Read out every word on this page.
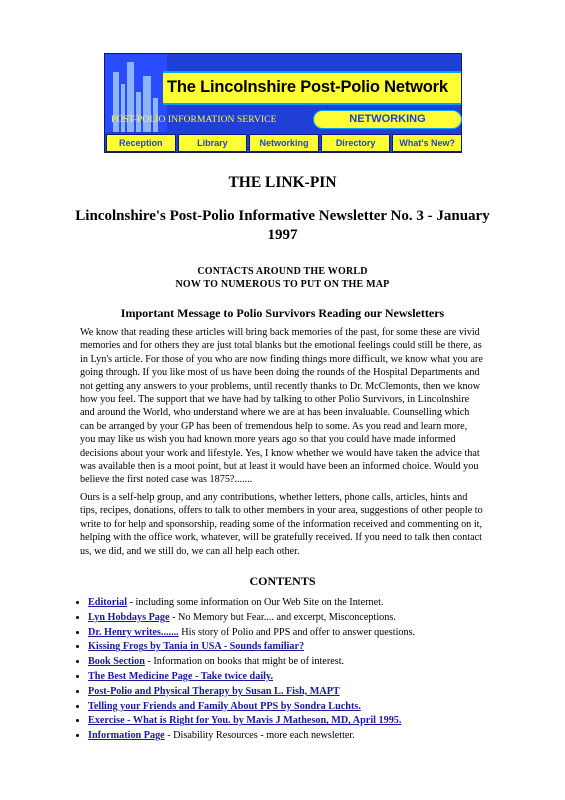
The Lincolnshire Post-Polio Network
POST-POLIO INFORMATION SERVICE	NETWORKING
Reception	Library	Networking	Directory	What's New?
THE LINK-PIN
Lincolnshire's Post-Polio Informative Newsletter No. 3 - January 1997
CONTACTS AROUND THE WORLD
NOW TO NUMEROUS TO PUT ON THE MAP
Important Message to Polio Survivors Reading our Newsletters

We know that reading these articles will bring back memories of the past, for some these are vivid memories and for others they are just total blanks but the emotional feelings could still be there, as in Lyn's article. For those of you who are now finding things more difficult, we know what you are going through. If you like most of us have been doing the rounds of the Hospital Departments and not getting any answers to your problems, until recently thanks to Dr. McClemonts, then we know how you feel. The support that we have had by talking to other Polio Survivors, in Lincolnshire and around the World, who understand where we are at has been invaluable. Counselling which can be arranged by your GP has been of tremendous help to some. As you read and learn more, you may like us wish you had known more years ago so that you could have made informed decisions about your work and lifestyle. Yes, I know whether we would have taken the advice that was available then is a moot point, but at least it would have been an informed choice. Would you believe the first noted case was 1875?.......

Ours is a self-help group, and any contributions, whether letters, phone calls, articles, hints and tips, recipes, donations, offers to talk to other members in your area, suggestions of other people to write to for help and sponsorship, reading some of the information received and commenting on it, helping with the office work, whatever, will be gratefully received. If you need to talk then contact us, we did, and we still do, we can all help each other.

CONTENTS
• Editorial - including some information on Our Web Site on the Internet.
• Lyn Hobdays Page - No Memory but Fear.... and excerpt, Misconceptions.
• Dr. Henry writes....... His story of Polio and PPS and offer to answer questions.
• Kissing Frogs by Tania in USA - Sounds familiar?
• Book Section - Information on books that might be of interest.
• The Best Medicine Page - Take twice daily.
• Post-Polio and Physical Therapy by Susan L. Fish, MAPT
• Telling your Friends and Family About PPS by Sondra Luchts.
• Exercise - What is Right for You. by Mavis J Matheson, MD, April 1995.
• Information Page - Disability Resources - more each newsletter.
